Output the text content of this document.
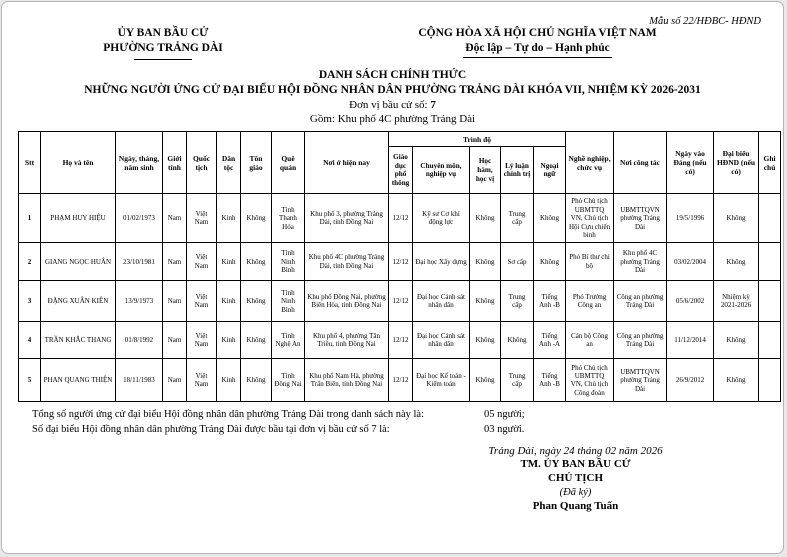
Mẫu số 22/HĐBC- HĐND
ỦY BAN BẦU CỬ
PHƯỜNG TRẢNG DÀI
CỘNG HÒA XÃ HỘI CHỦ NGHĨA VIỆT NAM
Độc lập – Tự do – Hạnh phúc
DANH SÁCH CHÍNH THỨC
NHỮNG NGƯỜI ỨNG CỬ ĐẠI BIỂU HỘI ĐỒNG NHÂN DÂN PHƯỜNG TRẢNG DÀI KHÓA VII, NHIỆM KỲ 2026-2031
Đơn vị bầu cử số: 7
Gồm: Khu phố 4C phường Trảng Dài
Stt	Họ và tên	Ngày, tháng, năm sinh	Giới tính	Quốc tịch	Dân tộc	Tôn giáo	Quê quán	Nơi ở hiện nay	Trình độ					Nghề nghiệp, chức vụ	Nơi công tác	Ngày vào Đảng (nếu có)	Đại biểu HĐND (nếu có)	Ghi chú
									Giáo dục phổ thông	Chuyên môn, nghiệp vụ	Học hàm, học vị	Lý luận chính trị	Ngoại ngữ					
1	PHẠM HUY HIỆU	01/02/1973	Nam	Việt Nam	Kinh	Không	Tỉnh Thanh Hóa	Khu phố 3, phường Trảng Dài, tỉnh Đồng Nai	12/12	Kỹ sư Cơ khí động lực	Không	Trung cấp	Không	Phó Chủ tịch UBMTTQ VN, Chủ tịch Hội Cựu chiến binh	UBMTTQVN phường Trảng Dài	19/5/1996	Không	
2	GIANG NGỌC HUÂN	23/10/1981	Nam	Việt Nam	Kinh	Không	Tỉnh Ninh Bình	Khu phố 4C phường Trảng Dài, tỉnh Đồng Nai	12/12	Đại học Xây dựng	Không	Sơ cấp	Không	Phó Bí thư chi bộ	Khu phố 4C phường Trảng Dài	03/02/2004	Không	
3	ĐẶNG XUÂN KIÊN	13/9/1973	Nam	Việt Nam	Kinh	Không	Tỉnh Ninh Bình	Khu phố Đồng Nai, phường Biên Hòa, tỉnh Đồng Nai	12/12	Đại học Cảnh sát nhân dân	Không	Trung cấp	Tiếng Anh -B	Phó Trưởng Công an	Công an phường Trảng Dài	05/6/2002	Nhiệm kỳ 2021-2026	
4	TRẦN KHẮC THANG	01/8/1992	Nam	Việt Nam	Kinh	Không	Tỉnh Nghệ An	Khu phố 4, phường Tân Triều, tỉnh Đồng Nai	12/12	Đại học Cảnh sát nhân dân	Không	Không	Tiếng Anh -A	Cán bộ Công an	Công an phường Trảng Dài	11/12/2014	Không	
5	PHAN QUANG THIỆN	18/11/1983	Nam	Việt Nam	Kinh	Không	Tỉnh Đồng Nai	Khu phố Nam Hà, phường Trấn Biên, tỉnh Đồng Nai	12/12	Đại học Kế toán - Kiểm toán	Không	Trung cấp	Tiếng Anh -B	Phó Chủ tịch UBMTTQ VN, Chủ tịch Công đoàn	UBMTTQVN phường Trảng Dài	26/9/2012	Không	
Tổng số người ứng cử đại biểu Hội đồng nhân dân phường Trảng Dài trong danh sách này là:	05 người;
Số đại biểu Hội đồng nhân dân phường Trảng Dài được bầu tại đơn vị bầu cử số 7 là:	03 người.
Trảng Dài, ngày 24 tháng 02 năm 2026
TM. ỦY BAN BẦU CỬ
CHỦ TỊCH
(Đã ký)
Phan Quang Tuấn
